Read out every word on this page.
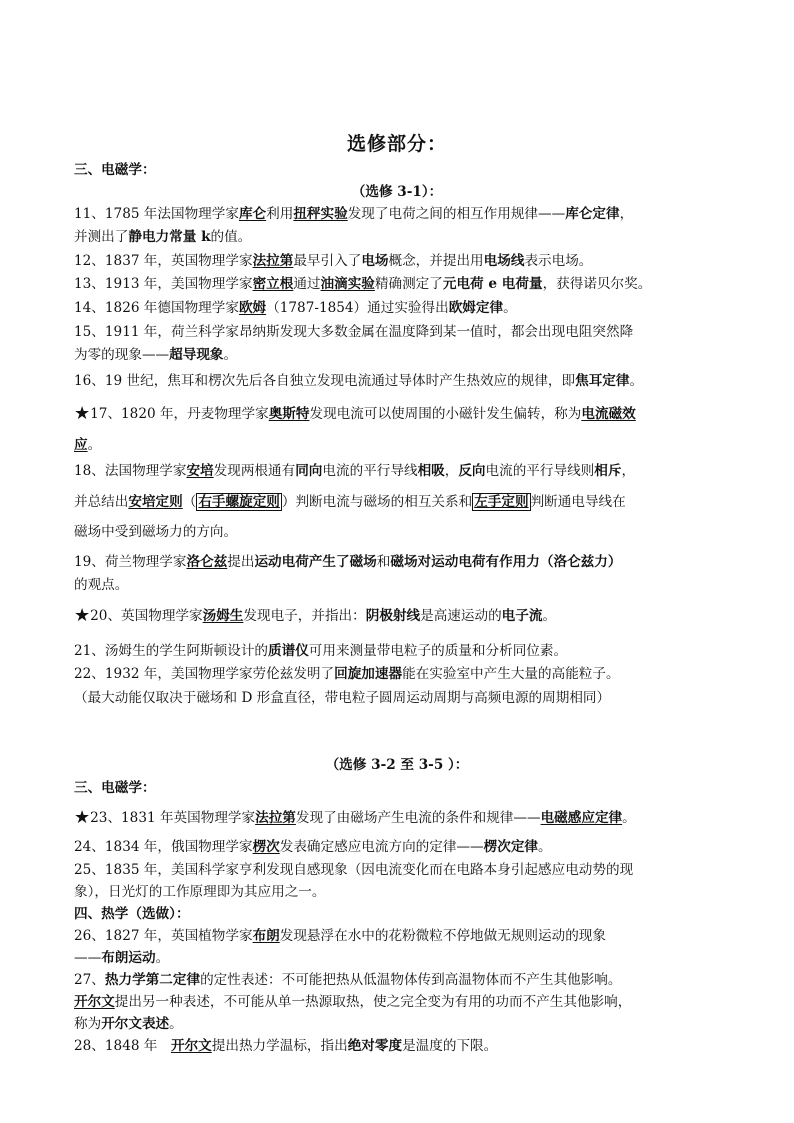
选修部分：
三、电磁学：
（选修 3-1）：
11、1785 年法国物理学家库仑利用扭秤实验发现了电荷之间的相互作用规律——库仑定律，
并测出了静电力常量 k的值。
12、1837 年，英国物理学家法拉第最早引入了电场概念，并提出用电场线表示电场。
13、1913 年，美国物理学家密立根通过油滴实验精确测定了元电荷 e 电荷量，获得诺贝尔奖。
14、1826 年德国物理学家欧姆（1787-1854）通过实验得出欧姆定律。
15、1911 年，荷兰科学家昂纳斯发现大多数金属在温度降到某一值时，都会出现电阻突然降
为零的现象——超导现象。
16、19 世纪，焦耳和楞次先后各自独立发现电流通过导体时产生热效应的规律，即焦耳定律。
★17、1820 年，丹麦物理学家奥斯特发现电流可以使周围的小磁针发生偏转，称为电流磁效
应。
18、法国物理学家安培发现两根通有同向电流的平行导线相吸，反向电流的平行导线则相斥，
并总结出安培定则（ 右手螺旋定则 ）判断电流与磁场的相互关系和 左手定则 判断通电导线在
磁场中受到磁场力的方向。
19、荷兰物理学家洛仑兹提出运动电荷产生了磁场和磁场对运动电荷有作用力（洛仑兹力）
的观点。
★20、英国物理学家汤姆生发现电子，并指出：阴极射线是高速运动的电子流。
21、汤姆生的学生阿斯顿设计的质谱仪可用来测量带电粒子的质量和分析同位素。
22、1932 年，美国物理学家劳伦兹发明了回旋加速器能在实验室中产生大量的高能粒子。
（最大动能仅取决于磁场和 D 形盒直径，带电粒子圆周运动周期与高频电源的周期相同）
（选修 3-2 至 3-5 ）：
三、电磁学：
★23、1831 年英国物理学家法拉第发现了由磁场产生电流的条件和规律——电磁感应定律。
24、1834 年，俄国物理学家楞次发表确定感应电流方向的定律——楞次定律。
25、1835 年，美国科学家亨利发现自感现象（因电流变化而在电路本身引起感应电动势的现
象），日光灯的工作原理即为其应用之一。
四、热学（选做）：
26、1827 年，英国植物学家布朗发现悬浮在水中的花粉微粒不停地做无规则运动的现象
——布朗运动。
27、热力学第二定律的定性表述：不可能把热从低温物体传到高温物体而不产生其他影响。
开尔文提出另一种表述，不可能从单一热源取热，使之完全变为有用的功而不产生其他影响，
称为开尔文表述。
28、1848 年　开尔文提出热力学温标，指出绝对零度是温度的下限。
